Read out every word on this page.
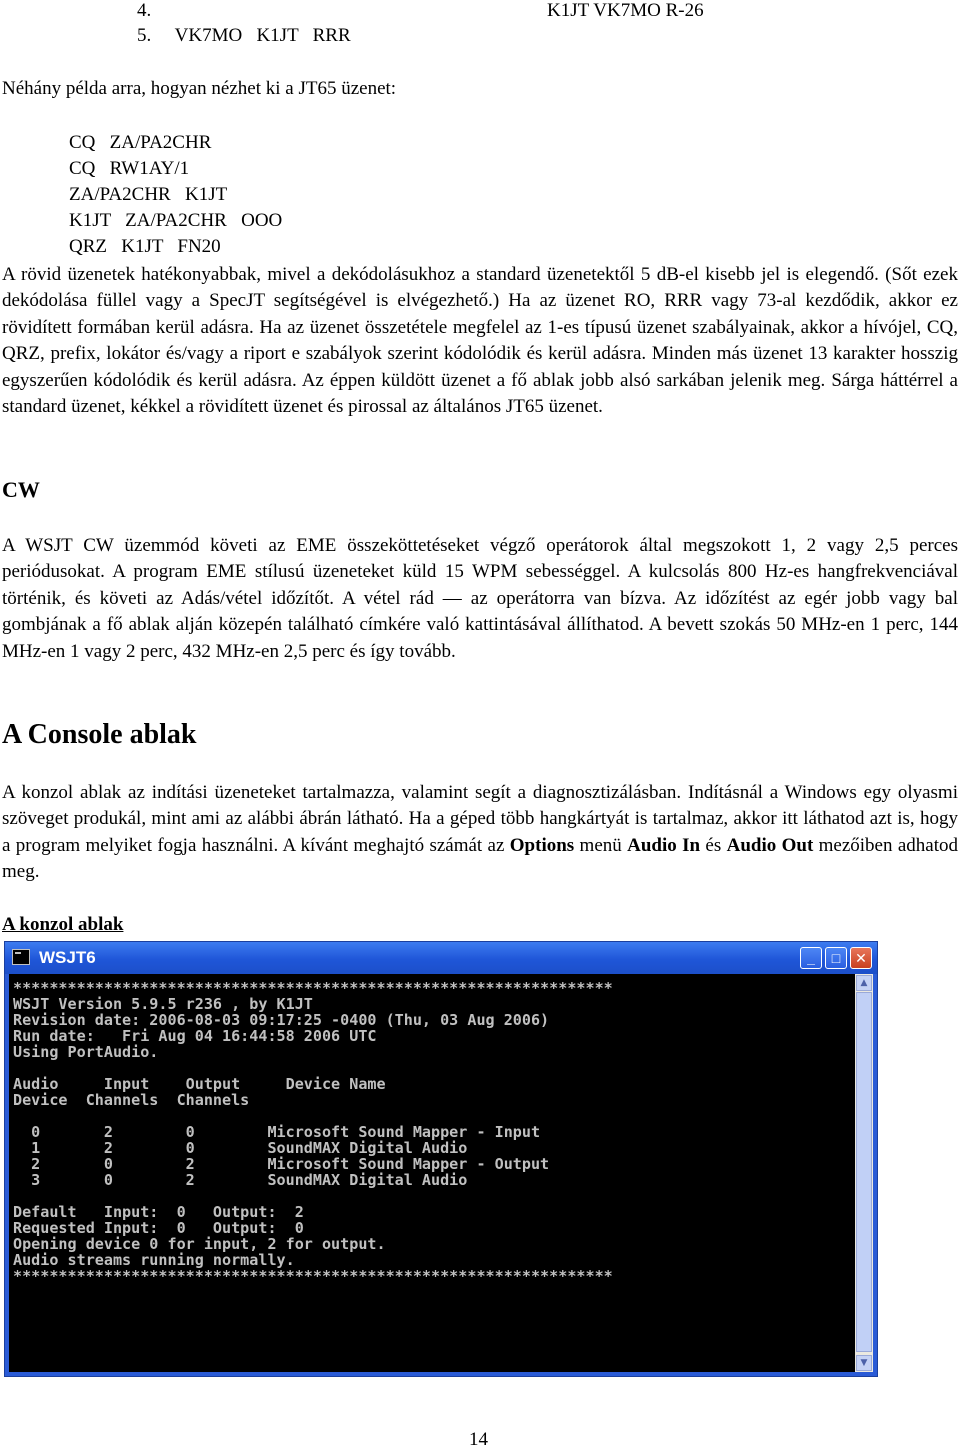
4.	K1JT VK7MO R-26
5.     VK7MO   K1JT   RRR
Néhány példa arra, hogyan nézhet ki a JT65 üzenet:
CQ   ZA/PA2CHR
CQ   RW1AY/1
ZA/PA2CHR   K1JT
K1JT   ZA/PA2CHR   OOO
QRZ   K1JT   FN20
A rövid üzenetek hatékonyabbak, mivel a dekódolásukhoz a standard üzenetektől 5 dB-el kisebb jel is elegendő. (Sőt ezek dekódolása füllel vagy a SpecJT segítségével is elvégezhető.) Ha az üzenet RO, RRR vagy 73-al kezdődik, akkor ez rövidített formában kerül adásra. Ha az üzenet összetétele megfelel az 1-es típusú üzenet szabályainak, akkor a hívójel, CQ, QRZ, prefix, lokátor és/vagy a riport e szabályok szerint kódolódik és kerül adásra. Minden más üzenet 13 karakter hosszig egyszerűen kódolódik és kerül adásra. Az éppen küldött üzenet a fő ablak jobb alsó sarkában jelenik meg. Sárga háttérrel a standard üzenet, kékkel a rövidített üzenet és pirossal az általános JT65 üzenet.
CW
A WSJT CW üzemmód követi az EME összeköttetéseket végző operátorok által megszokott 1, 2 vagy 2,5 perces periódusokat. A program EME stílusú üzeneteket küld 15 WPM sebességgel. A kulcsolás 800 Hz-es hangfrekvenciával történik, és követi az Adás/vétel időzítőt. A vétel rád — az operátorra van bízva. Az időzítést az egér jobb vagy bal gombjának a fő ablak alján közepén található címkére való kattintásával állíthatod. A bevett szokás 50 MHz-en 1 perc, 144 MHz-en 1 vagy 2 perc, 432 MHz-en 2,5 perc és így tovább.
A Console ablak
A konzol ablak az indítási üzeneteket tartalmazza, valamint segít a diagnosztizálásban. Indításnál a Windows egy olyasmi szöveget produkál, mint ami az alábbi ábrán látható. Ha a géped több hangkártyát is tartalmaz, akkor itt láthatod azt is, hogy a program melyiket fogja használni. A kívánt meghajtó számát az Options menü Audio In és Audio Out mezőiben adhatod meg.
A konzol ablak
WSJT6	_	□	✕
******************************************************************
WSJT Version 5.9.5 r236 , by K1JT
Revision date: 2006-08-03 09:17:25 -0400 (Thu, 03 Aug 2006)
Run date:   Fri Aug 04 16:44:58 2006 UTC
Using PortAudio.

Audio     Input    Output     Device Name
Device  Channels  Channels

0       2        0        Microsoft Sound Mapper - Input
1       2        0        SoundMAX Digital Audio
2       0        2        Microsoft Sound Mapper - Output
3       0        2        SoundMAX Digital Audio

Default   Input:  0   Output:  2
Requested Input:  0   Output:  0
Opening device 0 for input, 2 for output.
Audio streams running normally.
******************************************************************
▲
▼
14
